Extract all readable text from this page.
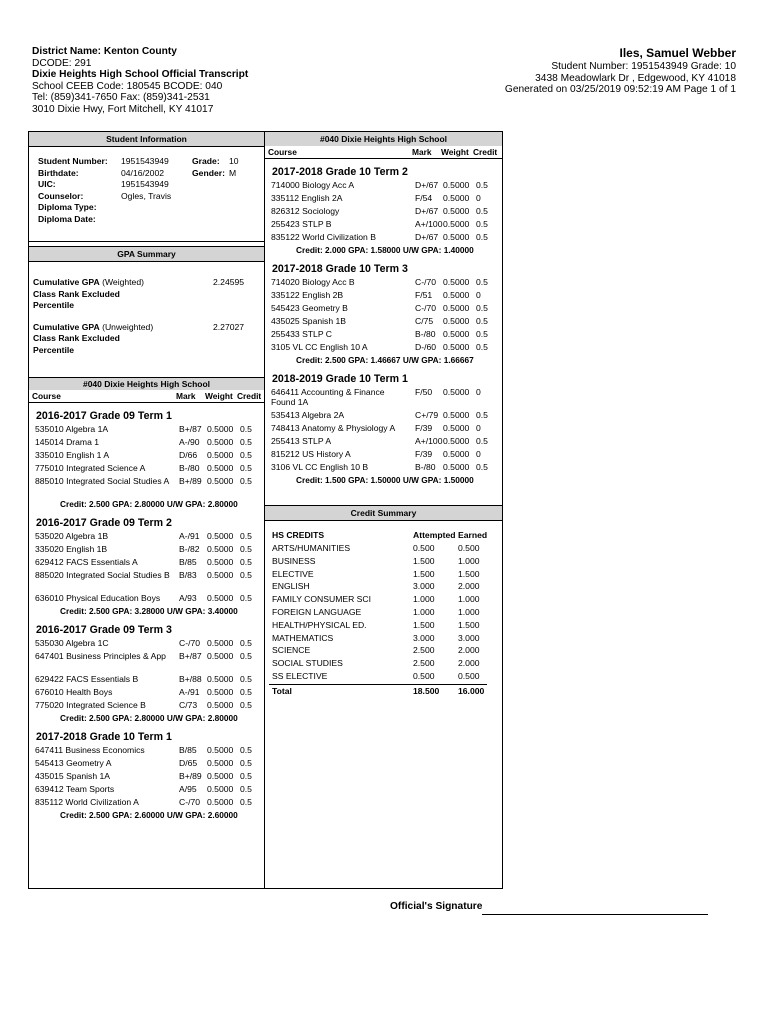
District Name: Kenton County
DCODE: 291
Dixie Heights High School Official Transcript
School CEEB Code: 180545 BCODE: 040
Tel: (859)341-7650 Fax: (859)341-2531
3010 Dixie Hwy, Fort Mitchell, KY 41017
Iles, Samuel Webber
Student Number: 1951543949 Grade: 10
3438 Meadowlark Dr , Edgewood, KY 41018
Generated on 03/25/2019 09:52:19 AM Page 1 of 1
Student Information
Student Number: 1951543949	Grade: 10
Birthdate:	04/16/2002	Gender: M
UIC:	1951543949
Counselor:	Ogles, Travis
Diploma Type:
Diploma Date:
GPA Summary
Cumulative GPA (Weighted)	2.24595
Class Rank Excluded
Percentile
Cumulative GPA (Unweighted)	2.27027
Class Rank Excluded
Percentile
#040 Dixie Heights High School
Course	Mark Weight Credit
2016-2017 Grade 09 Term 1
535010 Algebra 1A	B+/87 0.5000 0.5
145014 Drama 1	A-/90 0.5000 0.5
335010 English 1 A	D/66 0.5000 0.5
775010 Integrated Science A	B-/80 0.5000 0.5
885010 Integrated Social Studies A	B+/89 0.5000 0.5
Credit: 2.500 GPA: 2.80000 U/W GPA: 2.80000
2016-2017 Grade 09 Term 2
535020 Algebra 1B	A-/91 0.5000 0.5
335020 English 1B	B-/82 0.5000 0.5
629412 FACS Essentials A	B/85 0.5000 0.5
885020 Integrated Social Studies B	B/83 0.5000 0.5
636010 Physical Education Boys	A/93 0.5000 0.5
Credit: 2.500 GPA: 3.28000 U/W GPA: 3.40000
2016-2017 Grade 09 Term 3
535030 Algebra 1C	C-/70 0.5000 0.5
647401 Business Principles & App	B+/87 0.5000 0.5
629422 FACS Essentials B	B+/88 0.5000 0.5
676010 Health Boys	A-/91 0.5000 0.5
775020 Integrated Science B	C/73 0.5000 0.5
Credit: 2.500 GPA: 2.80000 U/W GPA: 2.80000
2017-2018 Grade 10 Term 1
647411 Business Economics	B/85 0.5000 0.5
545413 Geometry A	D/65 0.5000 0.5
435015 Spanish 1A	B+/89 0.5000 0.5
639412 Team Sports	A/95 0.5000 0.5
835112 World Civilization A	C-/70 0.5000 0.5
Credit: 2.500 GPA: 2.60000 U/W GPA: 2.60000
#040 Dixie Heights High School
Course	Mark Weight Credit
2017-2018 Grade 10 Term 2
714000 Biology Acc A	D+/67 0.5000 0.5
335112 English 2A	F/54 0.5000 0
826312 Sociology	D+/67 0.5000 0.5
255423 STLP B	A+/100 0.5000 0.5
835122 World Civilization B	D+/67 0.5000 0.5
Credit: 2.000 GPA: 1.58000 U/W GPA: 1.40000
2017-2018 Grade 10 Term 3
714020 Biology Acc B	C-/70 0.5000 0.5
335122 English 2B	F/51 0.5000 0
545423 Geometry B	C-/70 0.5000 0.5
435025 Spanish 1B	C/75 0.5000 0.5
255433 STLP C	B-/80 0.5000 0.5
3105 VL CC English 10 A	D-/60 0.5000 0.5
Credit: 2.500 GPA: 1.46667 U/W GPA: 1.66667
2018-2019 Grade 10 Term 1
646411 Accounting & Finance Found 1A
F/50 0.5000 0
535413 Algebra 2A	C+/79 0.5000 0.5
748413 Anatomy & Physiology A	F/39 0.5000 0
255413 STLP A	A+/100 0.5000 0.5
815212 US History A	F/39 0.5000 0
3106 VL CC English 10 B	B-/80 0.5000 0.5
Credit: 1.500 GPA: 1.50000 U/W GPA: 1.50000
Credit Summary
HS CREDITS	Attempted Earned
ARTS/HUMANITIES	0.500	0.500
BUSINESS	1.500	1.000
ELECTIVE	1.500	1.500
ENGLISH	3.000	2.000
FAMILY CONSUMER SCI	1.000	1.000
FOREIGN LANGUAGE	1.000	1.000
HEALTH/PHYSICAL ED.	1.500	1.500
MATHEMATICS	3.000	3.000
SCIENCE	2.500	2.000
SOCIAL STUDIES	2.500	2.000
SS ELECTIVE	0.500	0.500
Total	18.500 16.000
Official's Signature
